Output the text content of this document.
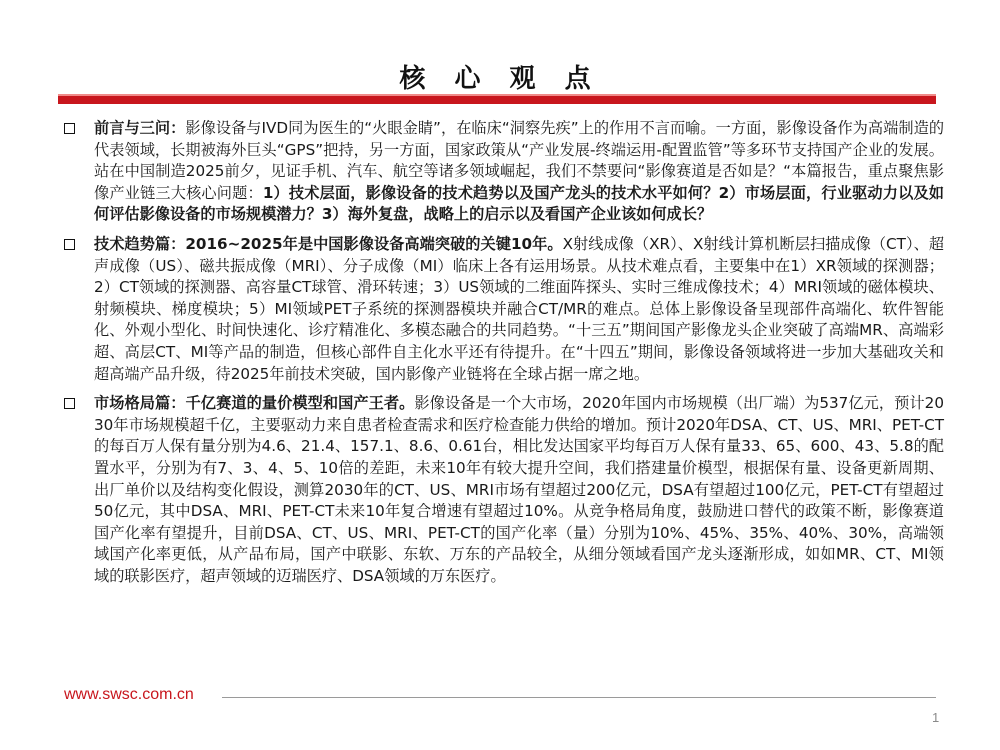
核 心 观 点
前言与三问：影像设备与IVD同为医生的“火眼金睛”，在临床“洞察先疾”上的作用不言而喻。一方面，影像设备作为高端制造的代表领域，长期被海外巨头“GPS”把持，另一方面，国家政策从“产业发展-终端运用-配置监管”等多环节支持国产企业的发展。站在中国制造2025前夕，见证手机、汽车、航空等诸多领域崛起，我们不禁要问“影像赛道是否如是？“本篇报告，重点聚焦影像产业链三大核心问题：1）技术层面，影像设备的技术趋势以及国产龙头的技术水平如何？2）市场层面，行业驱动力以及如何评估影像设备的市场规模潜力？3）海外复盘，战略上的启示以及看国产企业该如何成长？
技术趋势篇：2016~2025年是中国影像设备高端突破的关键10年。X射线成像（XR）、X射线计算机断层扫描成像（CT）、超声成像（US）、磁共振成像（MRI）、分子成像（MI）临床上各有运用场景。从技术难点看，主要集中在1）XR领域的探测器；2）CT领域的探测器、高容量CT球管、滑环转速；3）US领域的二维面阵探头、实时三维成像技术；4）MRI领域的磁体模块、射频模块、梯度模块；5）MI领域PET子系统的探测器模块并融合CT/MR的难点。总体上影像设备呈现部件高端化、软件智能化、外观小型化、时间快速化、诊疗精准化、多模态融合的共同趋势。“十三五”期间国产影像龙头企业突破了高端MR、高端彩超、高层CT、MI等产品的制造，但核心部件自主化水平还有待提升。在“十四五”期间，影像设备领域将进一步加大基础攻关和超高端产品升级，待2025年前技术突破，国内影像产业链将在全球占据一席之地。
市场格局篇：千亿赛道的量价模型和国产王者。影像设备是一个大市场，2020年国内市场规模（出厂端）为537亿元，预计2030年市场规模超千亿，主要驱动力来自患者检查需求和医疗检查能力供给的增加。预计2020年DSA、CT、US、MRI、PET-CT的每百万人保有量分别为4.6、21.4、157.1、8.6、0.61台，相比发达国家平均每百万人保有量33、65、600、43、5.8的配置水平，分别为有7、3、4、5、10倍的差距，未来10年有较大提升空间，我们搭建量价模型，根据保有量、设备更新周期、出厂单价以及结构变化假设，测算2030年的CT、US、MRI市场有望超过200亿元，DSA有望超过100亿元，PET-CT有望超过50亿元，其中DSA、MRI、PET-CT未来10年复合增速有望超过10%。从竞争格局角度，鼓励进口替代的政策不断，影像赛道国产化率有望提升，目前DSA、CT、US、MRI、PET-CT的国产化率（量）分别为10%、45%、35%、40%、30%，高端领域国产化率更低，从产品布局，国产中联影、东软、万东的产品较全，从细分领域看国产龙头逐渐形成，如如MR、CT、MI领域的联影医疗，超声领域的迈瑞医疗、DSA领域的万东医疗。
www.swsc.com.cn
1
